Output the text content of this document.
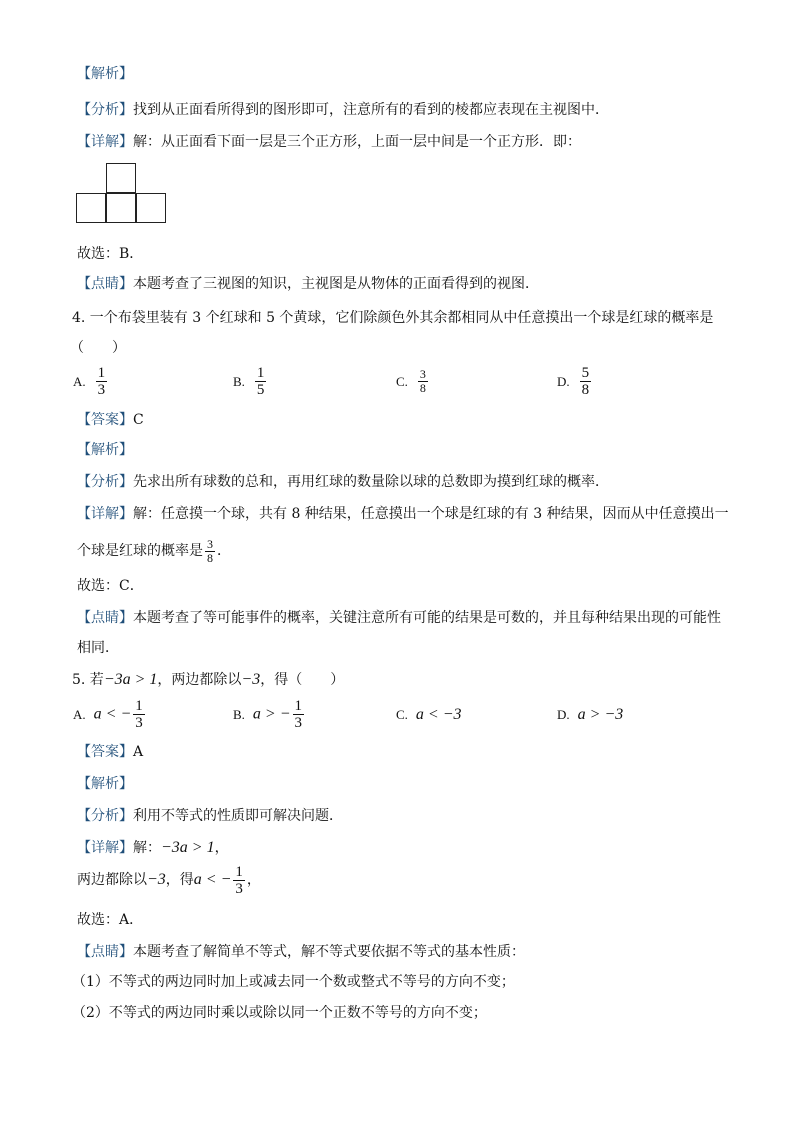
【解析】
【分析】找到从正面看所得到的图形即可，注意所有的看到的棱都应表现在主视图中．
【详解】解：从正面看下面一层是三个正方形，上面一层中间是一个正方形．即：
故选：B．
【点睛】本题考查了三视图的知识，主视图是从物体的正面看得到的视图．
4. 一个布袋里装有 3 个红球和 5 个黄球，它们除颜色外其余都相同从中任意摸出一个球是红球的概率是
（　　）
A. $\frac{1}{3}$	B. $\frac{1}{5}$	C. $\frac{3}{8}$	D. $\frac{5}{8}$
【答案】C
【解析】
【分析】先求出所有球数的总和，再用红球的数量除以球的总数即为摸到红球的概率．
【详解】解：任意摸一个球，共有 8 种结果，任意摸出一个球是红球的有 3 种结果，因而从中任意摸出一
个球是红球的概率是 $\frac{3}{8}$ ．
故选：C．
【点睛】本题考查了等可能事件的概率，关键注意所有可能的结果是可数的，并且每种结果出现的可能性
相同．
5. 若−3a > 1，两边都除以−3，得（　　）
A. a < − $\frac{1}{3}$	B. a > − $\frac{1}{3}$	C. a < −3	D. a > −3
【答案】A
【解析】
【分析】利用不等式的性质即可解决问题．
【详解】解：−3a > 1，
两边都除以−3，得a < − $\frac{1}{3}$ ，
故选：A．
【点睛】本题考查了解简单不等式，解不等式要依据不等式的基本性质：
（1）不等式的两边同时加上或减去同一个数或整式不等号的方向不变；
（2）不等式的两边同时乘以或除以同一个正数不等号的方向不变；
